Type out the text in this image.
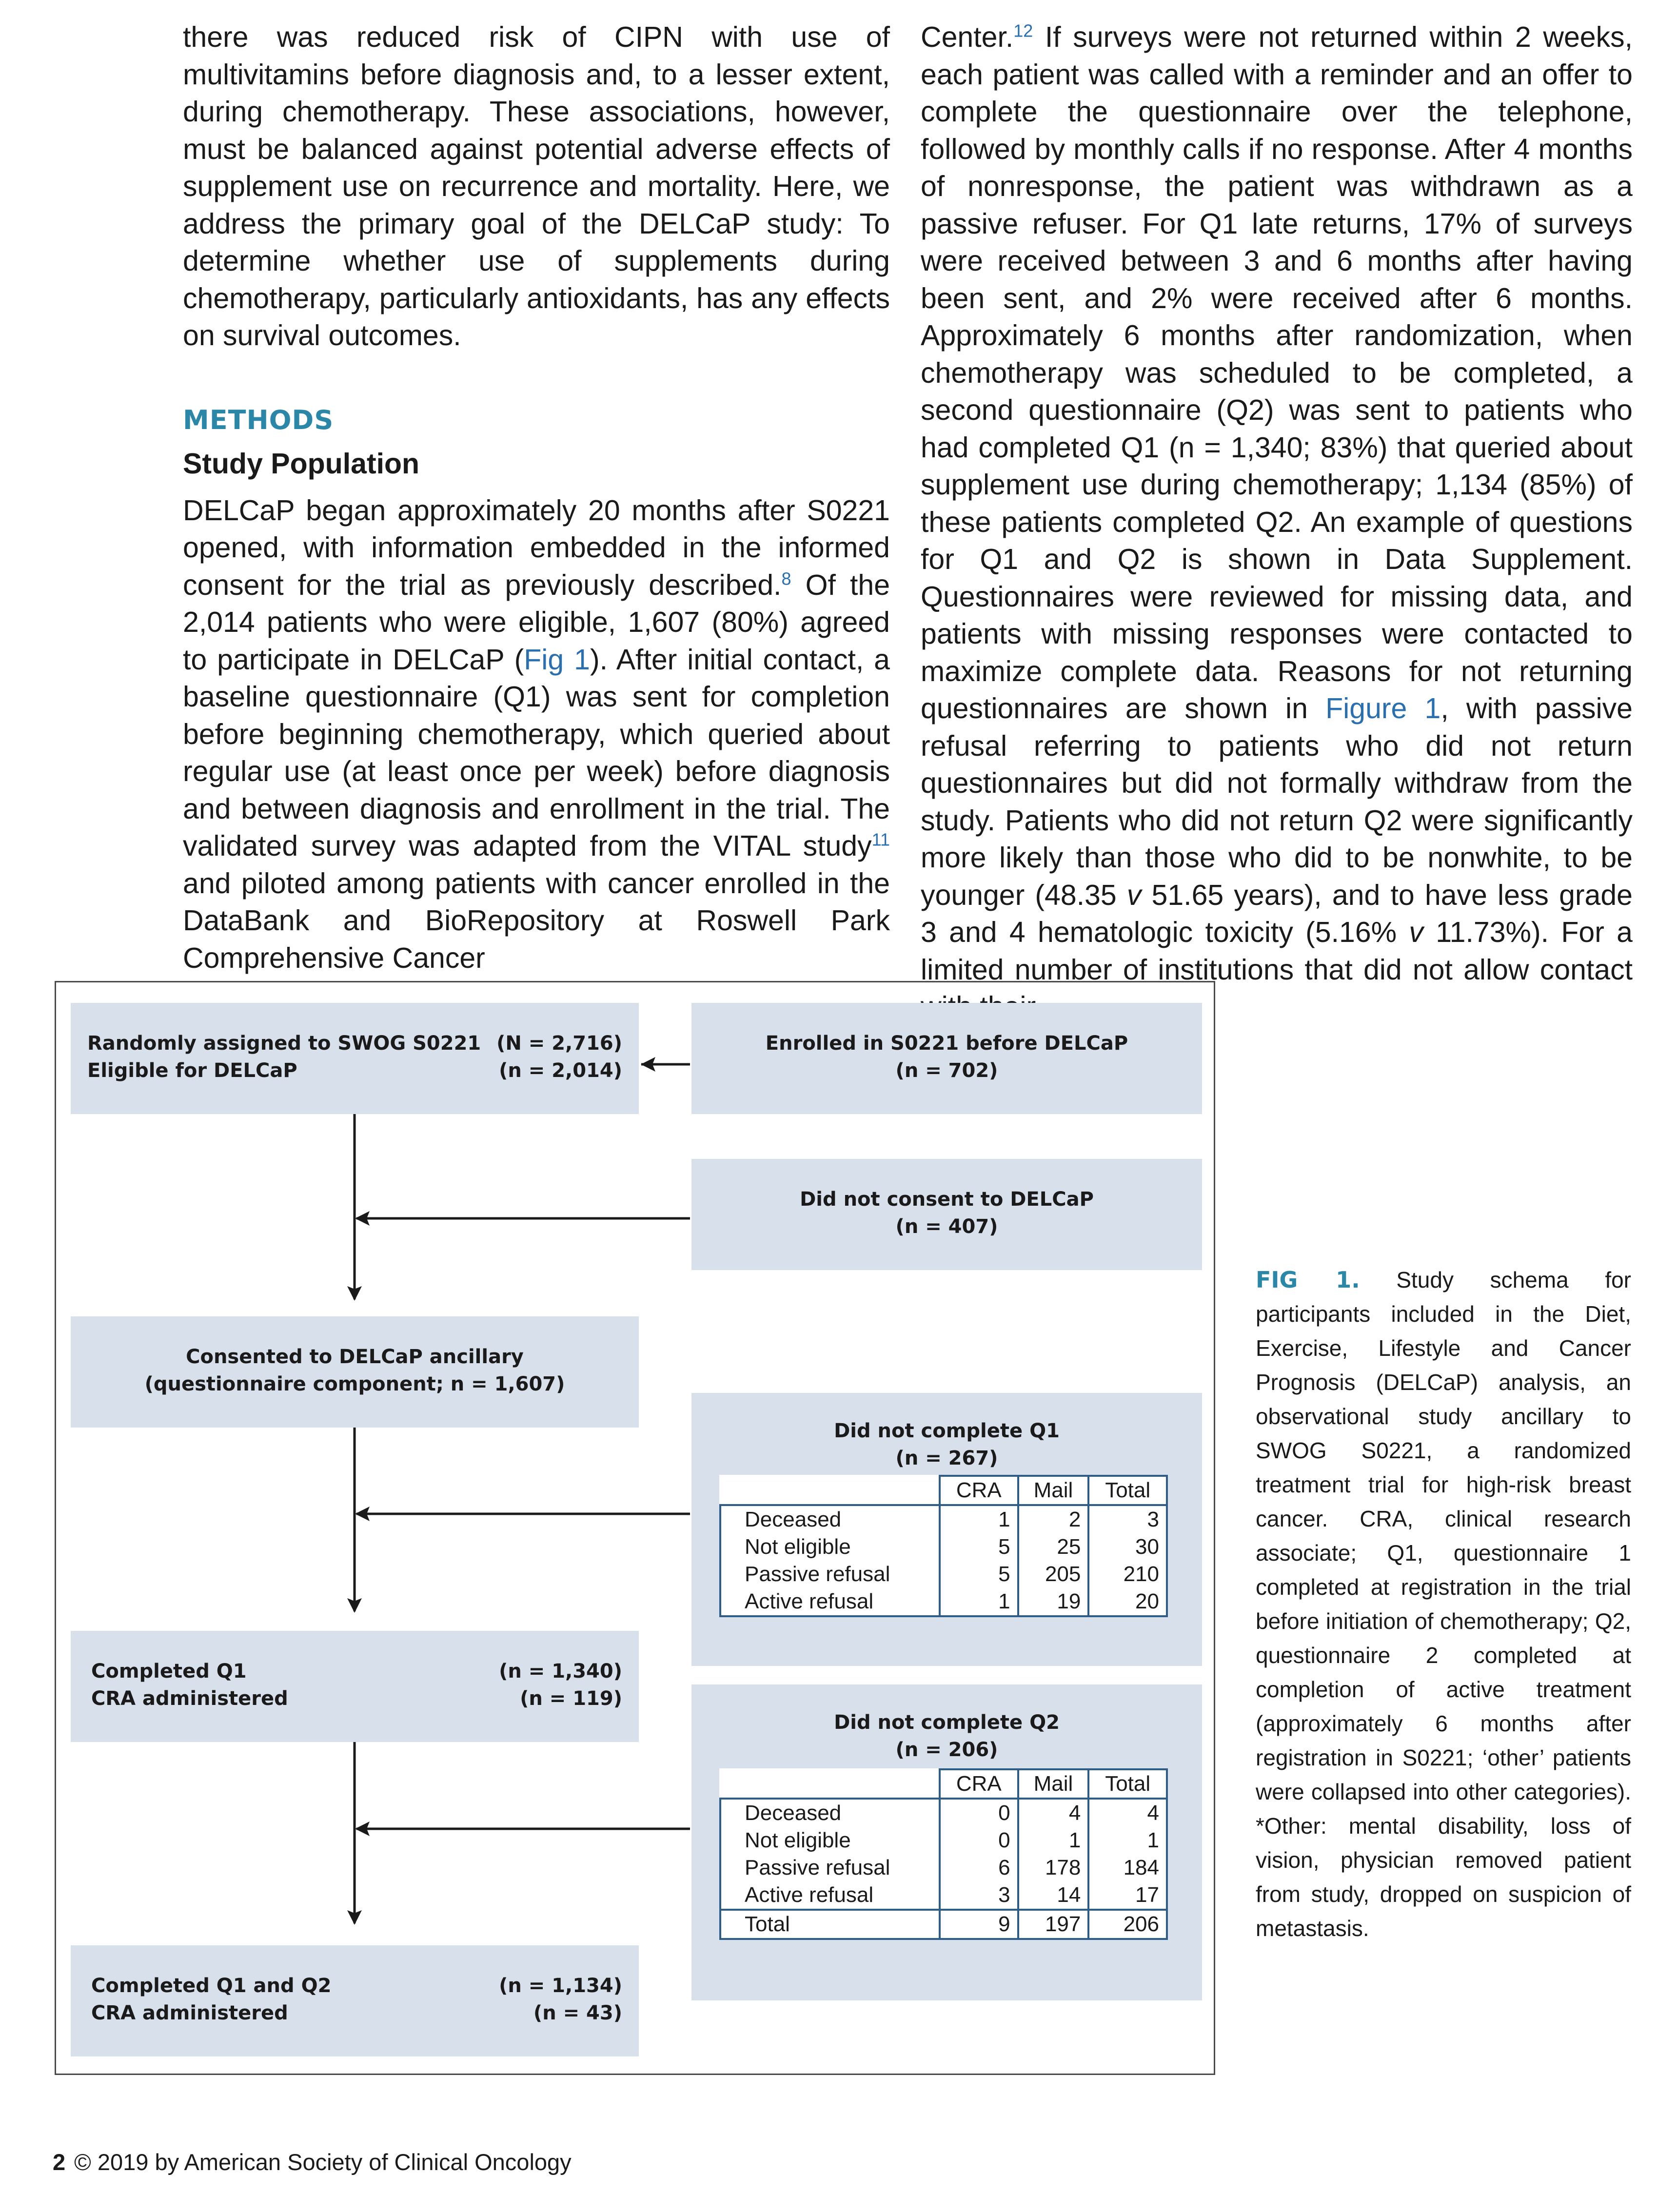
there was reduced risk of CIPN with use of multivitamins before diagnosis and, to a lesser extent, during chemotherapy. These associations, however, must be balanced against potential adverse effects of supplement use on recurrence and mortality. Here, we address the primary goal of the DELCaP study: To determine whether use of supplements during chemotherapy, particularly antioxidants, has any effects on survival outcomes.

METHODS
Study Population

DELCaP began approximately 20 months after S0221 opened, with information embedded in the informed consent for the trial as previously described.$^8$ Of the 2,014 patients who were eligible, 1,607 (80%) agreed to participate in DELCaP (Fig 1). After initial contact, a baseline questionnaire (Q1) was sent for completion before beginning chemotherapy, which queried about regular use (at least once per week) before diagnosis and between diagnosis and enrollment in the trial. The validated survey was adapted from the VITAL study$^{11}$ and piloted among patients with cancer enrolled in the DataBank and BioRepository at Roswell Park Comprehensive Cancer

Center.$^{12}$ If surveys were not returned within 2 weeks, each patient was called with a reminder and an offer to complete the questionnaire over the telephone, followed by monthly calls if no response. After 4 months of nonresponse, the patient was withdrawn as a passive refuser. For Q1 late returns, 17% of surveys were received between 3 and 6 months after having been sent, and 2% were received after 6 months. Approximately 6 months after randomization, when chemotherapy was scheduled to be completed, a second questionnaire (Q2) was sent to patients who had completed Q1 (n = 1,340; 83%) that queried about supplement use during chemotherapy; 1,134 (85%) of these patients completed Q2. An example of questions for Q1 and Q2 is shown in Data Supplement. Questionnaires were reviewed for missing data, and patients with missing responses were contacted to maximize complete data. Reasons for not returning questionnaires are shown in Figure 1, with passive refusal referring to patients who did not return questionnaires but did not formally withdraw from the study. Patients who did not return Q2 were significantly more likely than those who did to be nonwhite, to be younger (48.35 v 51.65 years), and to have less grade 3 and 4 hematologic toxicity (5.16% v 11.73%). For a limited number of institutions that did not allow contact

Randomly assigned to SWOG S0221 (N = 2,716)
Eligible for DELCaP	(n = 2,014)
Enrolled in S0221 before DELCaP
(n = 702)
Did not consent to DELCaP
(n = 407)
Consented to DELCaP ancillary
(questionnaire component; n = 1,607)
Did not complete Q1
(n = 267)
	CRA	Mail	Total
Deceased	1	2	3
Not eligible	5	25	30
Passive refusal	5	205	210
Active refusal	1	19	20
Completed Q1	(n = 1,340)
CRA administered	(n = 119)
Did not complete Q2
(n = 206)
	CRA	Mail	Total
Deceased	0	4	4
Not eligible	0	1	1
Passive refusal	6	178	184
Active refusal	3	14	17
Total	9	197	206
Completed Q1 and Q2	(n = 1,134)
CRA administered	(n = 43)
FIG 1. Study schema for participants included in the Diet, Exercise, Lifestyle and Cancer Prognosis (DELCaP) analysis, an observational study ancillary to SWOG S0221, a randomized treatment trial for high-risk breast cancer. CRA, clinical research associate; Q1, questionnaire 1 completed at registration in the trial before initiation of chemotherapy; Q2, questionnaire 2 completed at completion of active treatment (approximately 6 months after registration in S0221; ‘other’ patients were collapsed into other categories). *Other: mental disability, loss of vision, physician removed patient from study, dropped on suspicion of metastasis.
2 © 2019 by American Society of Clinical Oncology
